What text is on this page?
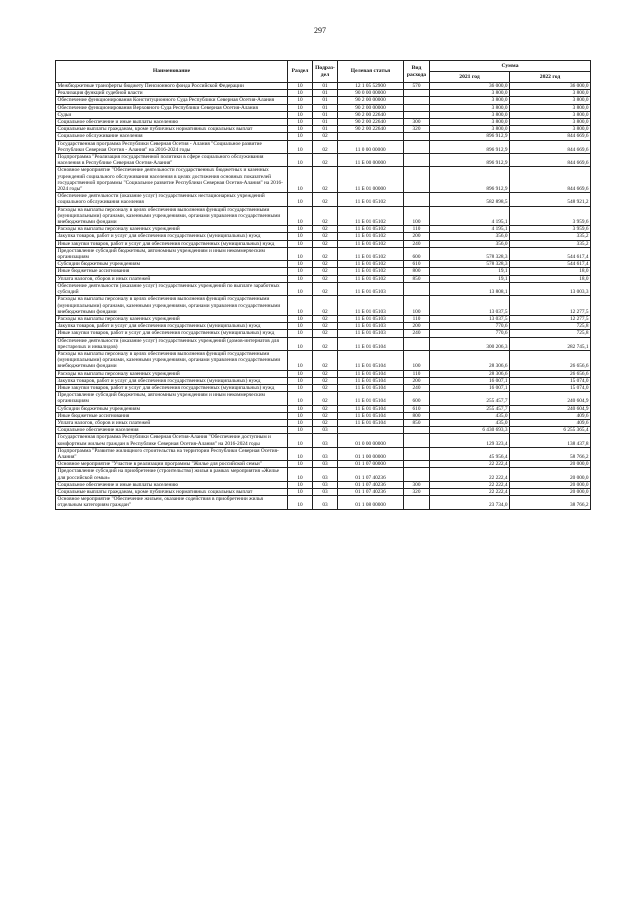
297
Наименование	Раздел	Подраз-дел	Целевая статья	Вид расхода	Сумма	
					2021 год	2022 год
Межбюджетные трансферты бюджету Пенсионного фонда Российской Федерации	10	01	12 1 05 52900	570	36 000,0	36 000,0
Реализация функций судебной власти	10	01	90 0 00 00000		3 800,0	3 800,0
Обеспечение функционирования Конституционного Суда Республики Северная Осетия-Алания	10	01	90 2 00 00000		3 800,0	3 800,0
Обеспечение функционирования Верховного Суда Республики Северная Осетия-Алания	10	01	90 2 00 00000		3 800,0	3 800,0
Судьи	10	01	90 2 00 22640		3 800,0	3 800,0
Социальное обеспечение и иные выплаты населению	10	01	90 2 00 22640	300	3 800,0	3 800,0
Социальные выплаты гражданам, кроме публичных нормативных социальных выплат	10	01	90 2 00 22640	320	3 800,0	3 800,0
Социальное обслуживание населения	10	02			896 912,9	844 669,6
Государственная программа Республики Северная Осетия - Алания "Социальное развитие Республики Северная Осетия - Алания" на 2016-2024 годы	10	02	11 0 00 00000		896 912,9	844 669,6
Подпрограмма "Реализация государственной политики в сфере социального обслуживания населения в Республике Северная Осетия-Алания"	10	02	11 Б 00 00000		896 912,9	844 669,6
Основное мероприятие "Обеспечение деятельности государственных бюджетных и казенных учреждений социального обслуживания населения в целях достижения основных показателей государственной программы "Социальное развитие Республики Северная Осетия-Алания" на 2016-2024 годы"	10	02	11 Б 01 00000		896 912,9	844 669,6
Обеспечение деятельности (оказание услуг) государственных нестационарных учреждений социального обслуживания населения	10	02	11 Б 01 05102		582 898,5	548 921,2
Расходы на выплаты персоналу в целях обеспечения выполнения функций государственными (муниципальными) органами, казенными учреждениями, органами управления государственными внебюджетными фондами	10	02	11 Б 01 05102	100	4 195,1	3 959,6
Расходы на выплаты персоналу казенных учреждений	10	02	11 Б 01 05102	110	4 195,1	3 959,6
Закупка товаров, работ и услуг для обеспечения государственных (муниципальных) нужд	10	02	11 Б 01 05102	200	356,0	335,2
Иные закупки товаров, работ и услуг для обеспечения государственных (муниципальных) нужд	10	02	11 Б 01 05102	240	356,0	335,2
Предоставление субсидий бюджетным, автономным учреждениям и иным некоммерческим организациям	10	02	11 Б 01 05102	600	578 328,3	544 617,4
Субсидии бюджетным учреждениям	10	02	11 Б 01 05102	610	578 328,3	544 617,4
Иные бюджетные ассигнования	10	02	11 Б 01 05102	800	19,1	18,0
Уплата налогов, сборов и иных платежей	10	02	11 Б 01 05102	850	19,1	18,0
Обеспечение деятельности (оказание услуг) государственных учреждений по выплате заработных субсидий	10	02	11 Б 01 05103		13 808,1	13 003,3
Расходы на выплаты персоналу в целях обеспечения выполнения функций государственными (муниципальными) органами, казенными учреждениями, органами управления государственными внебюджетными фондами	10	02	11 Б 01 05103	100	13 037,5	12 277,5
Расходы на выплаты персоналу казенных учреждений	10	02	11 Б 01 05103	110	13 037,5	12 277,5
Закупка товаров, работ и услуг для обеспечения государственных (муниципальных) нужд	10	02	11 Б 01 05103	200	770,6	725,8
Иные закупки товаров, работ и услуг для обеспечения государственных (муниципальных) нужд	10	02	11 Б 01 05103	240	770,6	725,8
Обеспечение деятельности (оказание услуг) государственных учреждений (домов-интернатов для престарелых и инвалидов)	10	02	11 Б 01 05104		300 206,3	282 745,1
Расходы на выплаты персоналу в целях обеспечения выполнения функций государственными (муниципальными) органами, казенными учреждениями, органами управления государственными внебюджетными фондами	10	02	11 Б 01 05104	100	28 306,6	26 656,6
Расходы на выплаты персоналу казенных учреждений	10	02	11 Б 01 05104	110	28 306,6	26 656,6
Закупка товаров, работ и услуг для обеспечения государственных (муниципальных) нужд	10	02	11 Б 01 05104	200	16 007,1	15 074,0
Иные закупки товаров, работ и услуг для обеспечения государственных (муниципальных) нужд	10	02	11 Б 01 05104	240	16 007,1	15 074,0
Предоставление субсидий бюджетным, автономным учреждениям и иным некоммерческим организациям	10	02	11 Б 01 05104	600	255 457,7	240 604,9
Субсидии бюджетным учреждениям	10	02	11 Б 01 05104	610	255 457,7	240 604,9
Иные бюджетные ассигнования	10	02	11 Б 01 05104	800	435,0	409,6
Уплата налогов, сборов и иных платежей	10	02	11 Б 01 05104	850	435,0	409,6
Социальное обеспечение населения	10	03			6 430 693,3	6 255 365,4
Государственная программа Республики Северная Осетия-Алания "Обеспечение доступным и комфортным жильем граждан в Республике Северная Осетия-Алания" на 2016-2024 годы	10	03	01 0 00 00000		129 323,4	138 437,8
Подпрограмма "Развитие жилищного строительства на территории Республики Северная Осетия-Алания"	10	03	01 1 00 00000		45 956,4	58 766,2
Основное мероприятие "Участие в реализации программы "Жилье для российской семьи"	10	03	01 1 07 00000		22 222,4	20 000,0
Предоставление субсидий на приобретение (строительство) жилья в рамках мероприятия «Жилье для российской семьи»	10	03	01 1 07 40236		22 222,4	20 000,0
Социальное обеспечение и иные выплаты населению	10	03	01 1 07 40236	300	22 222,4	20 000,0
Социальные выплаты гражданам, кроме публичных нормативных социальных выплат	10	03	01 1 07 40236	320	22 222,4	20 000,0
Основное мероприятие "Обеспечение жильем, оказание содействия в приобретении жилья отдельным категориям граждан"	10	03	01 1 08 00000		23 734,0	38 766,2
